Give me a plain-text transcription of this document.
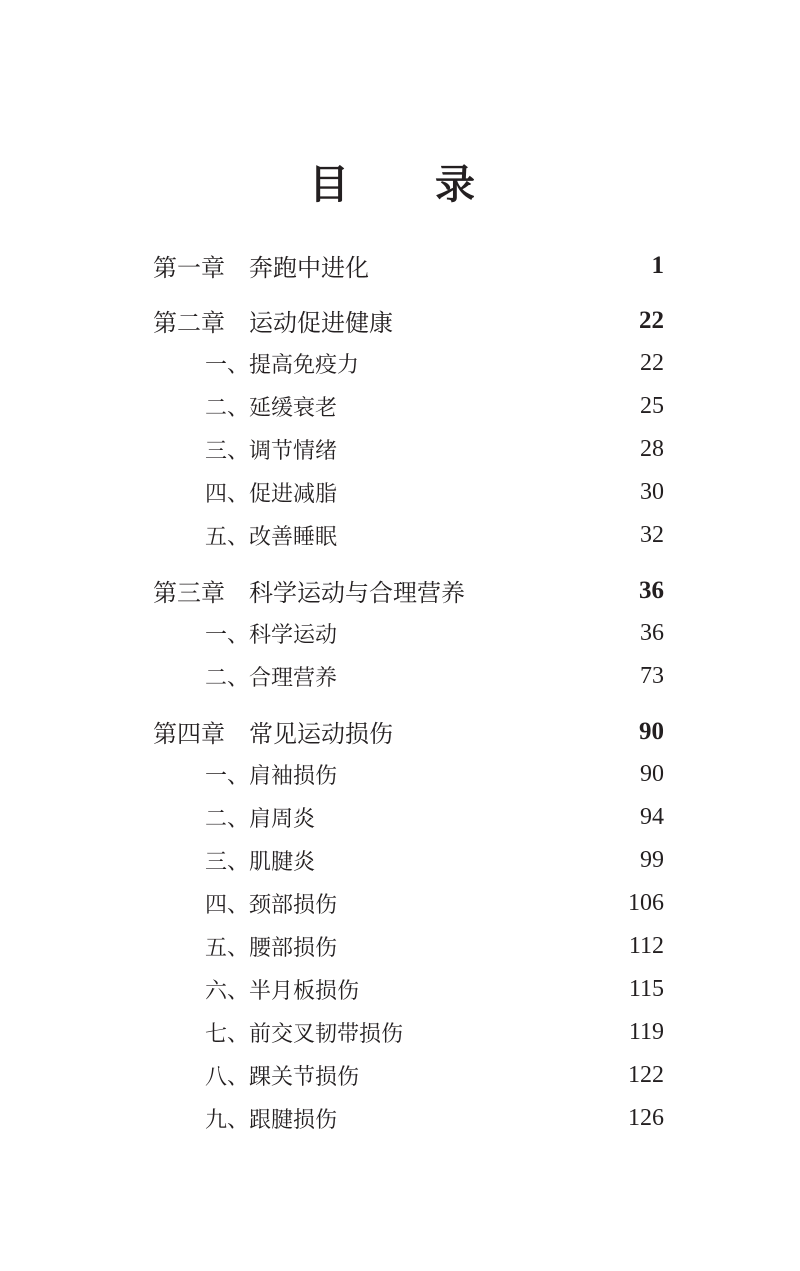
目 录
第一章　奔跑中进化	1
第二章　运动促进健康	22
一、提高免疫力	22
二、延缓衰老	25
三、调节情绪	28
四、促进减脂	30
五、改善睡眠	32
第三章　科学运动与合理营养	36
一、科学运动	36
二、合理营养	73
第四章　常见运动损伤	90
一、肩袖损伤	90
二、肩周炎	94
三、肌腱炎	99
四、颈部损伤	106
五、腰部损伤	112
六、半月板损伤	115
七、前交叉韧带损伤	119
八、踝关节损伤	122
九、跟腱损伤	126
